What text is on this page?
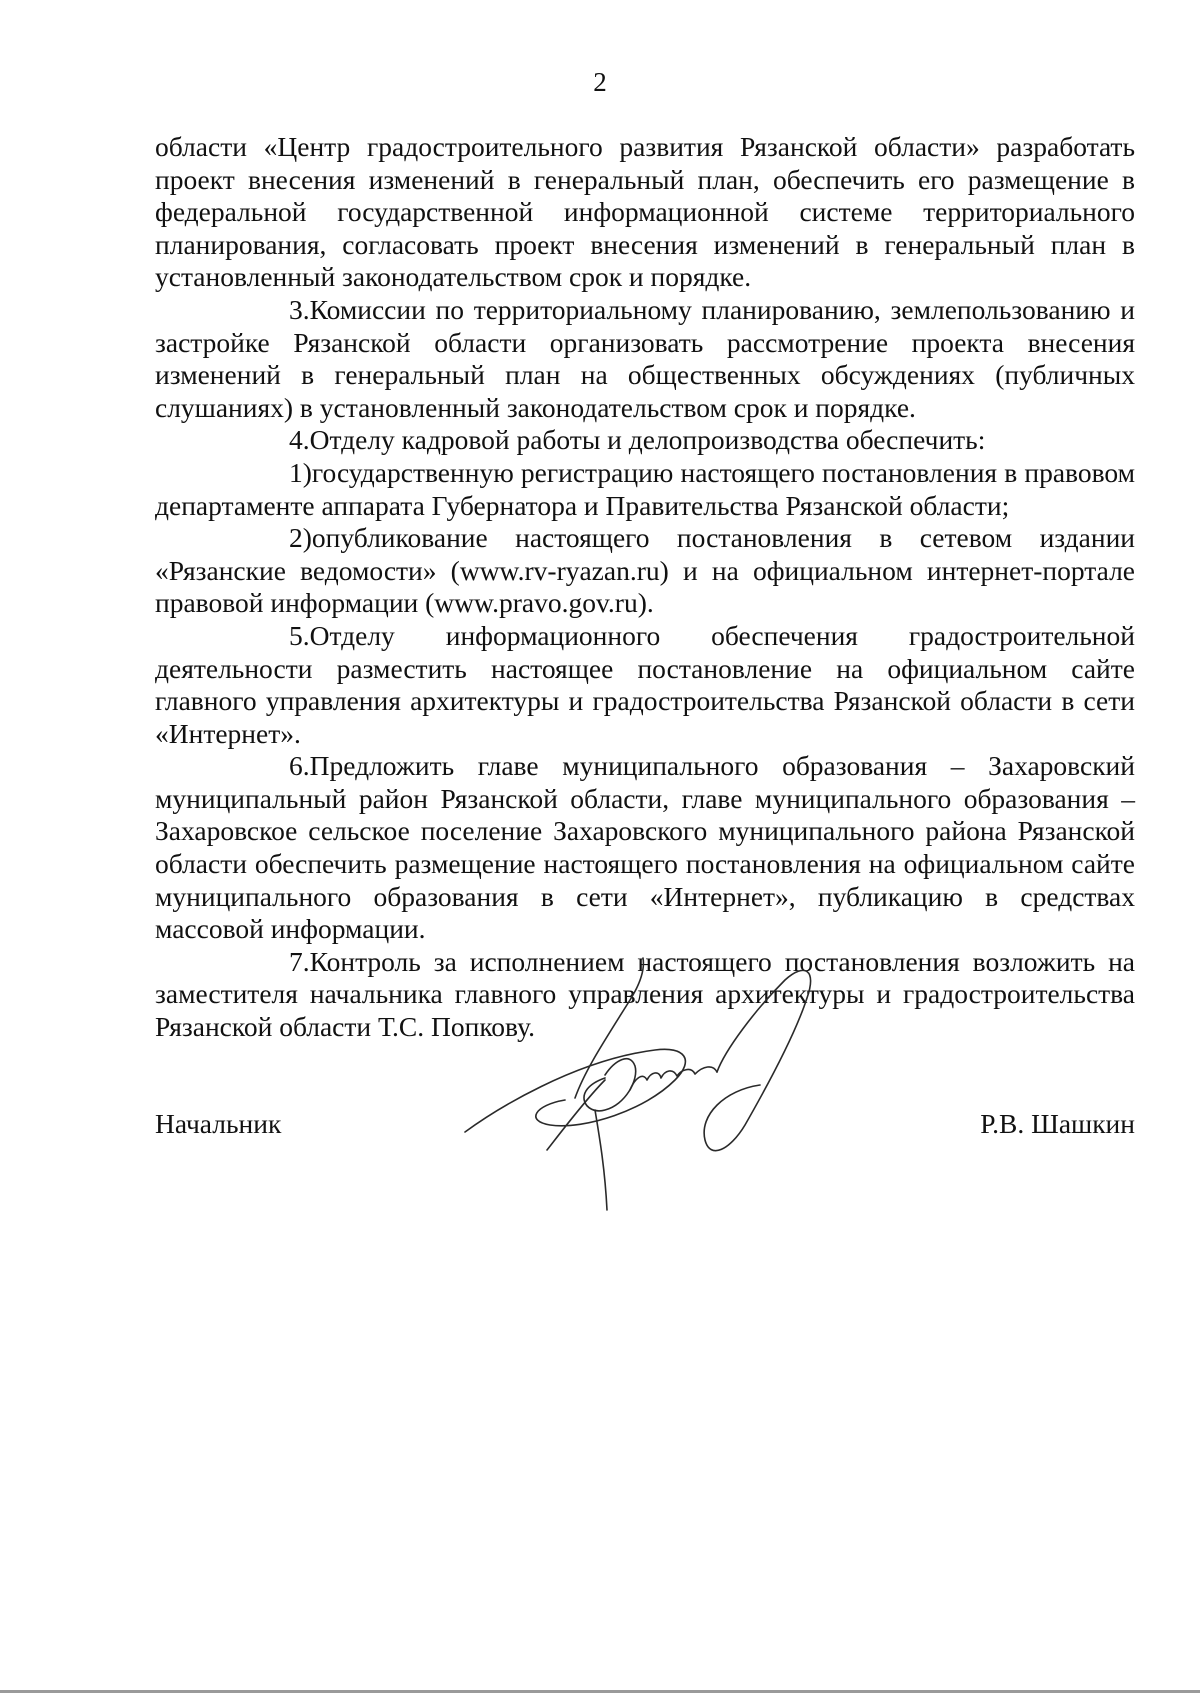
2

области «Центр градостроительного развития Рязанской области» разработать проект внесения изменений в генеральный план, обеспечить его размещение в федеральной государственной информационной системе территориального планирования, согласовать проект внесения изменений в генеральный план в установленный законодательством срок и порядке.

3.Комиссии по территориальному планированию, землепользованию и застройке Рязанской области организовать рассмотрение проекта внесения изменений в генеральный план на общественных обсуждениях (публичных слушаниях) в установленный законодательством срок и порядке.

4.Отделу кадровой работы и делопроизводства обеспечить:

1)государственную регистрацию настоящего постановления в правовом департаменте аппарата Губернатора и Правительства Рязанской области;

2)опубликование настоящего постановления в сетевом издании «Рязанские ведомости» (www.rv-ryazan.ru) и на официальном интернет-портале правовой информации (www.pravo.gov.ru).

5.Отделу информационного обеспечения градостроительной деятельности разместить настоящее постановление на официальном сайте главного управления архитектуры и градостроительства Рязанской области в сети «Интернет».

6.Предложить главе муниципального образования – Захаровский муниципальный район Рязанской области, главе муниципального образования – Захаровское сельское поселение Захаровского муниципального района Рязанской области обеспечить размещение настоящего постановления на официальном сайте муниципального образования в сети «Интернет», публикацию в средствах массовой информации.

7.Контроль за исполнением настоящего постановления возложить на заместителя начальника главного управления архитектуры и градостроительства Рязанской области Т.С. Попкову.

Начальник	Р.В. Шашкин
